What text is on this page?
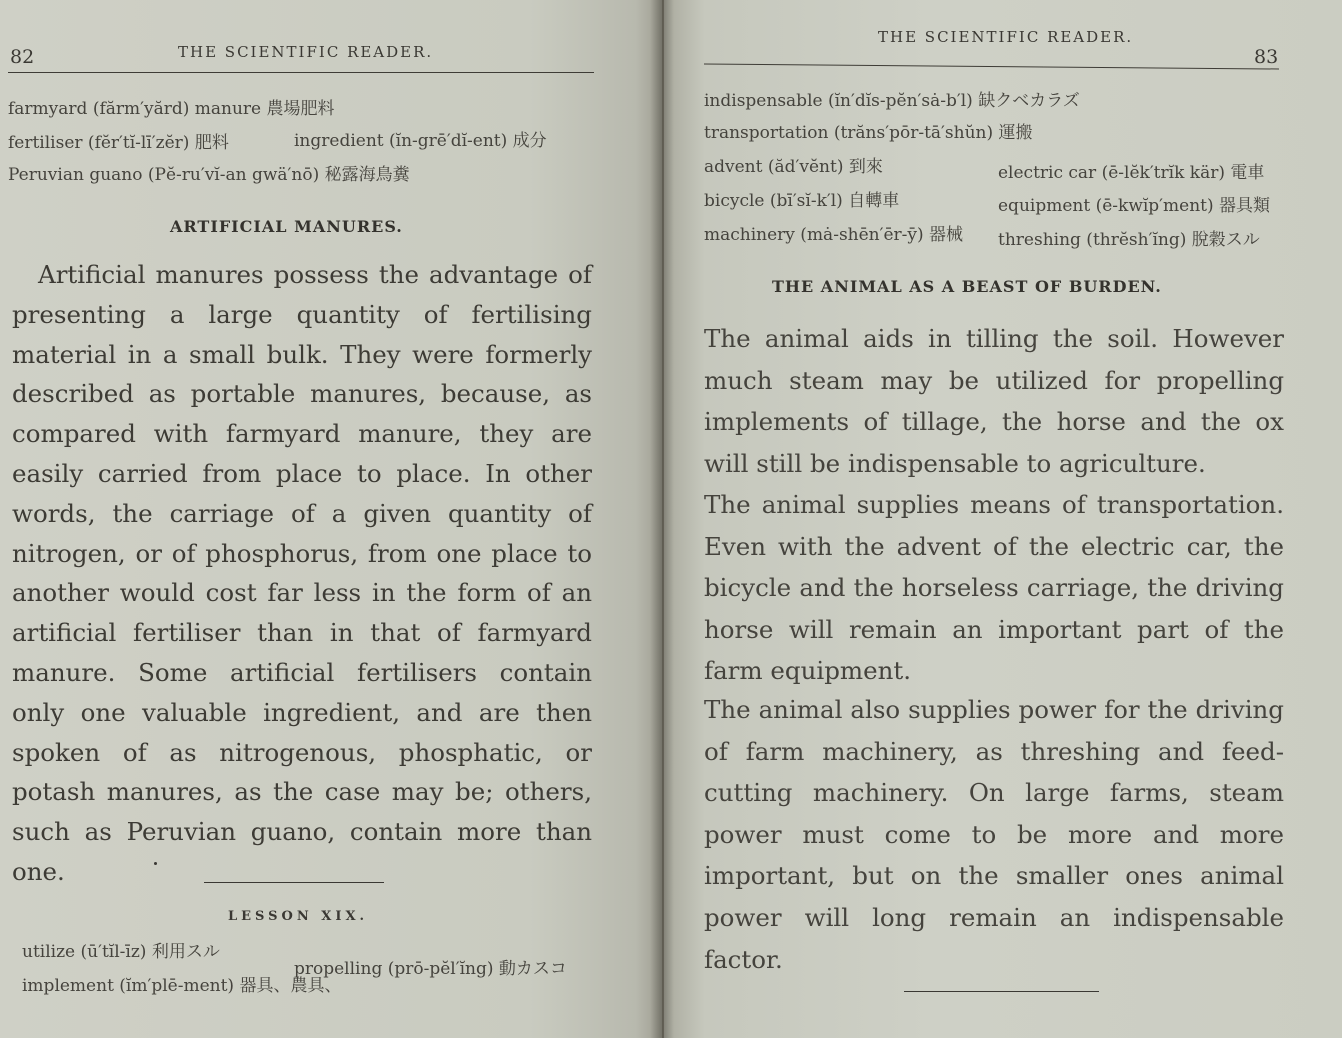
82	THE SCIENTIFIC READER.
farmyard (fărm′yărd) manure 農場肥料
fertiliser (fĕr′tĭ-lī′zĕr) 肥料	ingredient (ĭn-grē′dĭ-ent) 成分
Peruvian guano (Pĕ-ru′vĭ-an gwä′nō) 秘露海鳥糞
ARTIFICIAL MANURES.

Artificial manures possess the advantage of presenting a large quantity of fertilising material in a small bulk. They were formerly described as portable manures, because, as compared with farmyard manure, they are easily carried from place to place. In other words, the carriage of a given quantity of nitrogen, or of phosphorus, from one place to another would cost far less in the form of an artificial fertiliser than in that of farmyard manure. Some artificial fertilisers contain only one valuable ingredient, and are then spoken of as nitrogenous, phosphatic, or potash manures, as the case may be; others, such as Peruvian guano, contain more than one.

LESSON XIX.
utilize (ū′tĭl-īz) 利用スル
propelling (prō-pĕl′ĭng) 動カスコ
implement (ĭm′plē-ment) 器具、農具、
THE SCIENTIFIC READER.
83
indispensable (ĭn′dĭs-pĕn′sȧ-b′l) 缺クベカラズ
transportation (trăns′pōr-tā′shŭn) 運搬
advent (ăd′vĕnt) 到來	electric car (ē-lĕk′trĭk kär) 電車
bicycle (bī′sĭ-k′l) 自轉車	equipment (ē-kwĭp′ment) 器具類
machinery (mȧ-shēn′ēr-ȳ) 器械 threshing (thrĕsh′ĭng) 脫穀スル
THE ANIMAL AS A BEAST OF BURDEN.

The animal aids in tilling the soil. However much steam may be utilized for propelling implements of tillage, the horse and the ox will still be indispensable to agriculture.

The animal supplies means of transportation. Even with the advent of the electric car, the bicycle and the horseless carriage, the driving horse will remain an important part of the farm equipment.

The animal also supplies power for the driving of farm machinery, as threshing and feed-cutting machinery. On large farms, steam power must come to be more and more important, but on the smaller ones animal power will long remain an indispensable factor.
